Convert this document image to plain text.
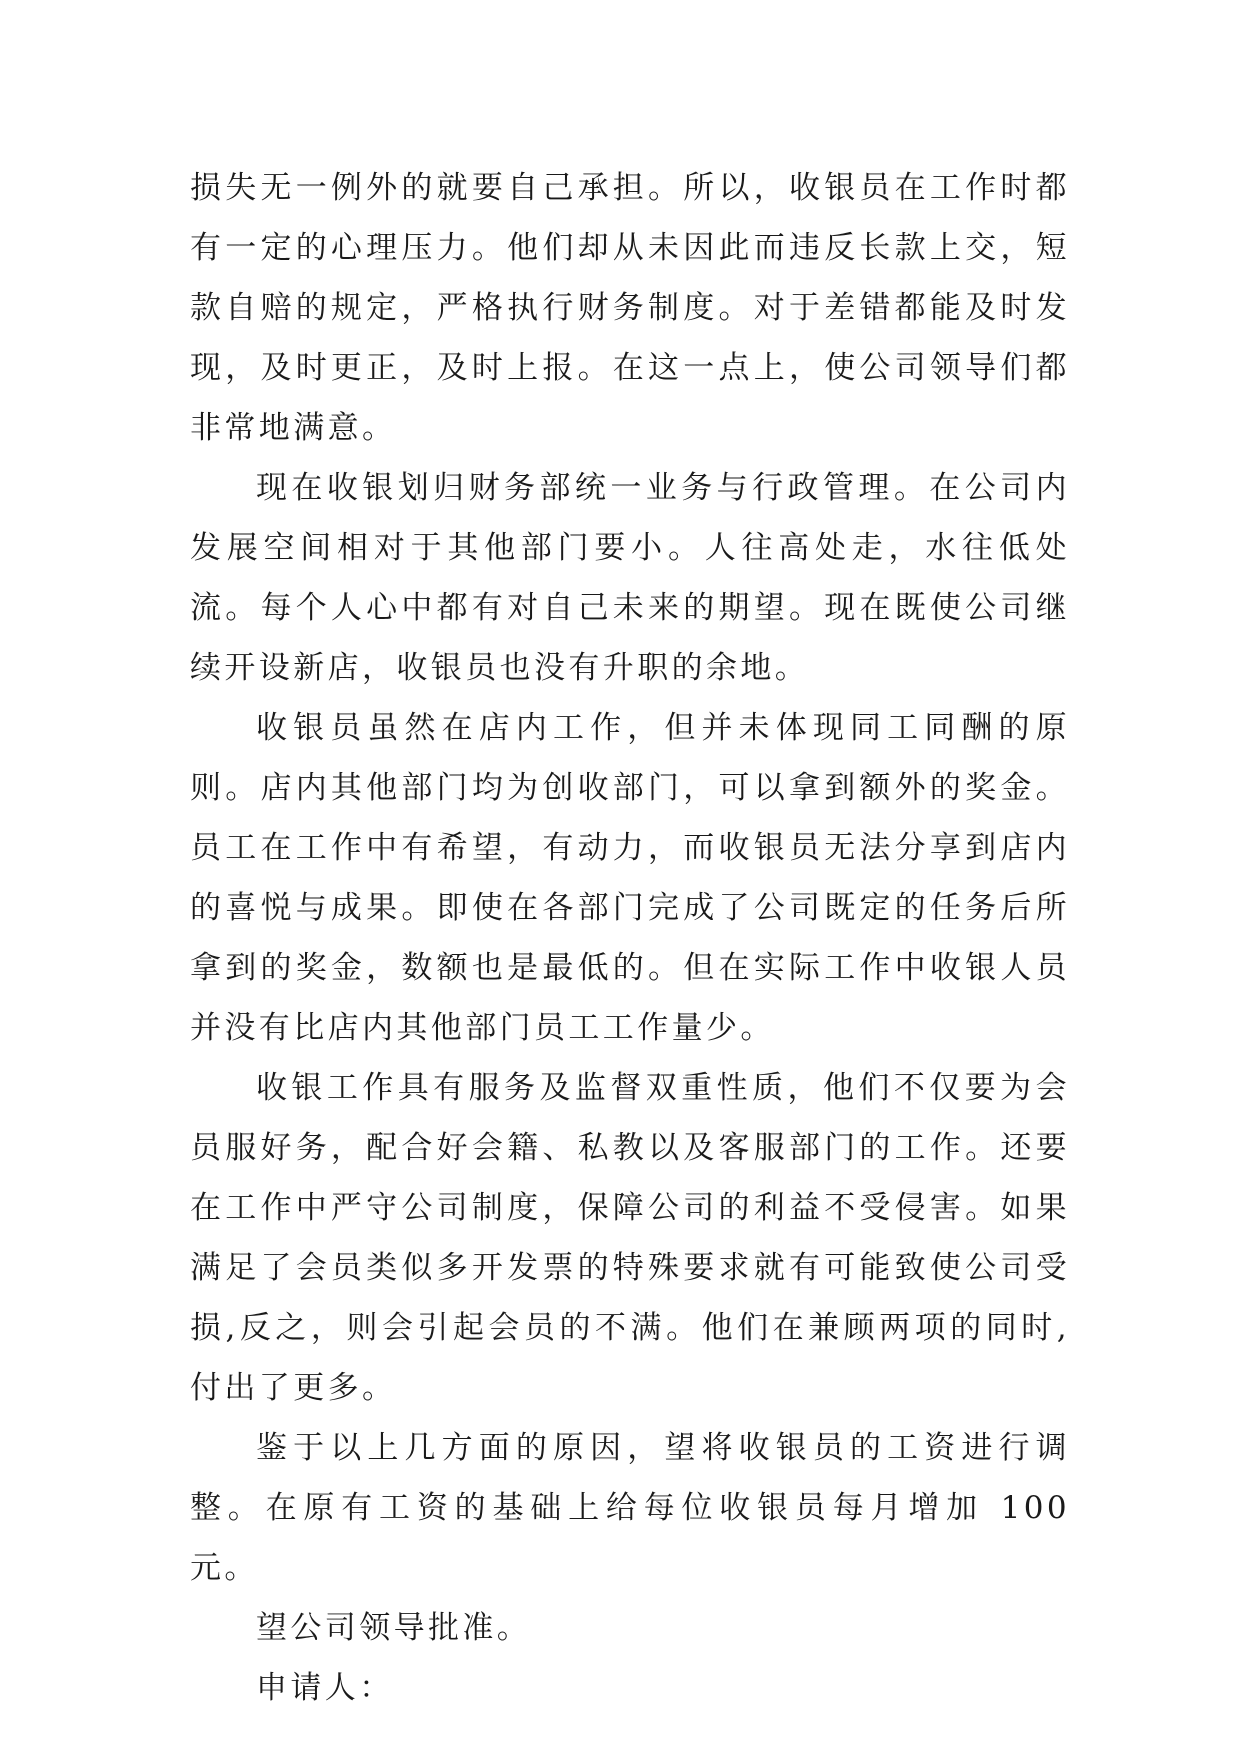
损失无一例外的就要自己承担。所以，收银员在工作时都有一定的心理压力。他们却从未因此而违反长款上交，短款自赔的规定，严格执行财务制度。对于差错都能及时发现，及时更正，及时上报。在这一点上，使公司领导们都非常地满意。

现在收银划归财务部统一业务与行政管理。在公司内发展空间相对于其他部门要小。人往高处走，水往低处流。每个人心中都有对自己未来的期望。现在既使公司继续开设新店，收银员也没有升职的余地。

收银员虽然在店内工作，但并未体现同工同酬的原则。店内其他部门均为创收部门，可以拿到额外的奖金。员工在工作中有希望，有动力，而收银员无法分享到店内的喜悦与成果。即使在各部门完成了公司既定的任务后所拿到的奖金，数额也是最低的。但在实际工作中收银人员并没有比店内其他部门员工工作量少。

收银工作具有服务及监督双重性质，他们不仅要为会员服好务，配合好会籍、私教以及客服部门的工作。还要在工作中严守公司制度，保障公司的利益不受侵害。如果满足了会员类似多开发票的特殊要求就有可能致使公司受损,反之，则会引起会员的不满。他们在兼顾两项的同时,付出了更多。

鉴于以上几方面的原因，望将收银员的工资进行调整。在原有工资的基础上给每位收银员每月增加 100 元。

望公司领导批准。

申请人：
